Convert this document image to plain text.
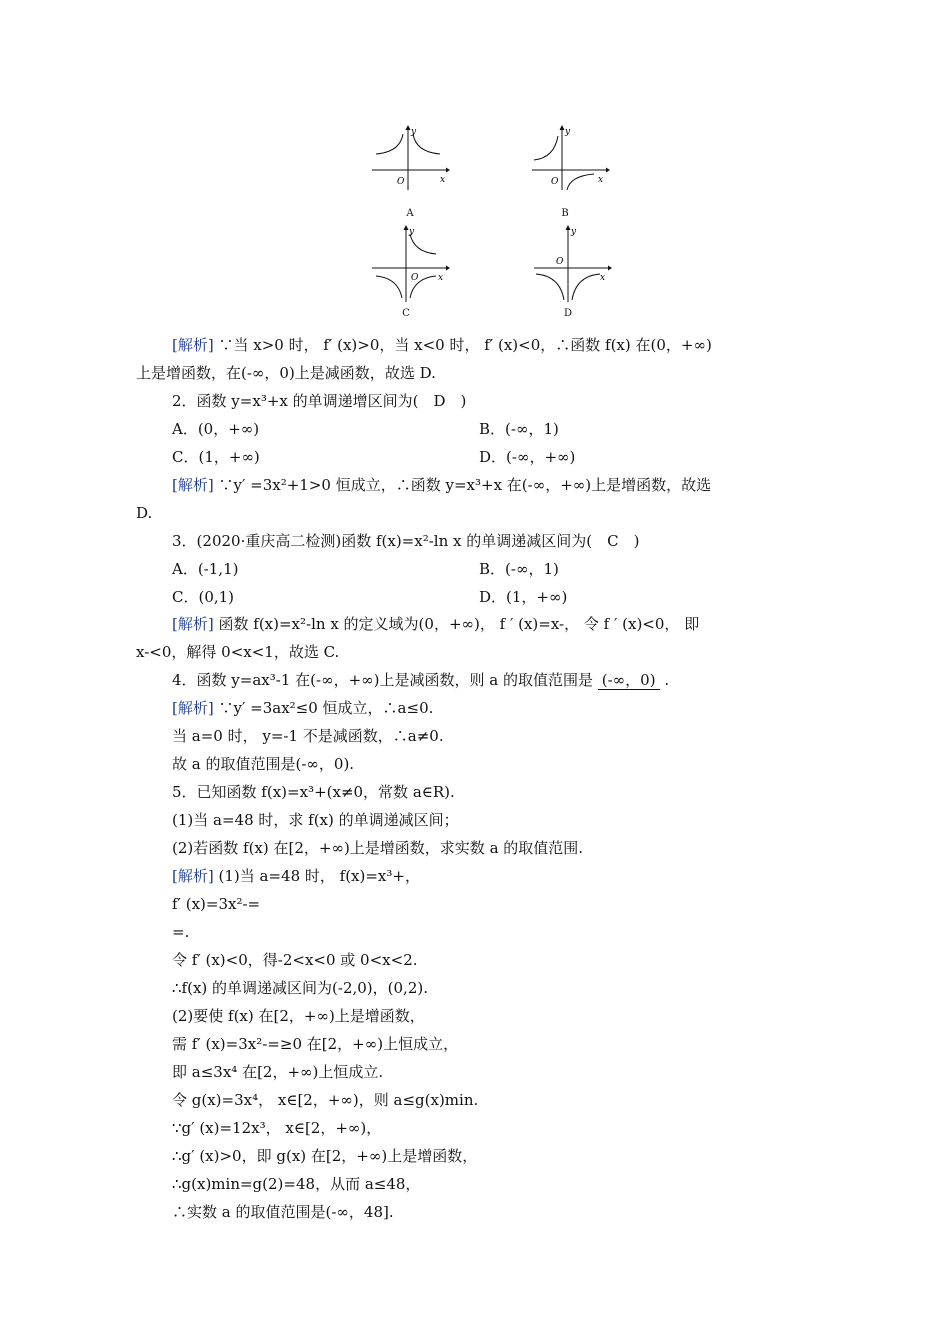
y
x
O
A
y
x
O
B
y
x
O
C
y
x
O
D
[解析] ∵当 x>0 时， f′ (x)>0，当 x<0 时， f′ (x)<0，∴函数 f(x) 在(0，+∞)
上是增函数，在(-∞，0)上是减函数，故选 D.
2．函数 y=x³+x 的单调递增区间为(　D　)
A．(0，+∞)	B．(-∞，1)
C．(1，+∞)	D．(-∞，+∞)
[解析] ∵y′ =3x²+1>0 恒成立，∴函数 y=x³+x 在(-∞，+∞)上是增函数，故选
D.
3．(2020·重庆高二检测)函数 f(x)=x²-ln x 的单调递减区间为(　C　)
A．(-1,1)	B．(-∞，1)
C．(0,1)	D．(1，+∞)
[解析] 函数 f(x)=x²-ln x 的定义域为(0，+∞)， f ′ (x)=x-， 令 f ′ (x)<0， 即
x-<0，解得 0<x<1，故选 C.
4．函数 y=ax³-1 在(-∞，+∞)上是减函数，则 a 的取值范围是 (-∞，0) .
[解析] ∵y′ =3ax²≤0 恒成立，∴a≤0.
当 a=0 时， y=-1 不是减函数，∴a≠0.
故 a 的取值范围是(-∞，0).
5．已知函数 f(x)=x³+(x≠0，常数 a∈R).
(1)当 a=48 时，求 f(x) 的单调递减区间；
(2)若函数 f(x) 在[2，+∞)上是增函数，求实数 a 的取值范围.
[解析] (1)当 a=48 时， f(x)=x³+，
f′ (x)=3x²-=
=.
令 f′ (x)<0，得-2<x<0 或 0<x<2.
∴f(x) 的单调递减区间为(-2,0)，(0,2).
(2)要使 f(x) 在[2，+∞)上是增函数，
需 f′ (x)=3x²-=≥0 在[2，+∞)上恒成立，
即 a≤3x⁴ 在[2，+∞)上恒成立.
令 g(x)=3x⁴， x∈[2，+∞)，则 a≤g(x)min.
∵g′ (x)=12x³， x∈[2，+∞)，
∴g′ (x)>0，即 g(x) 在[2，+∞)上是增函数，
∴g(x)min=g(2)=48，从而 a≤48，
∴实数 a 的取值范围是(-∞，48].
